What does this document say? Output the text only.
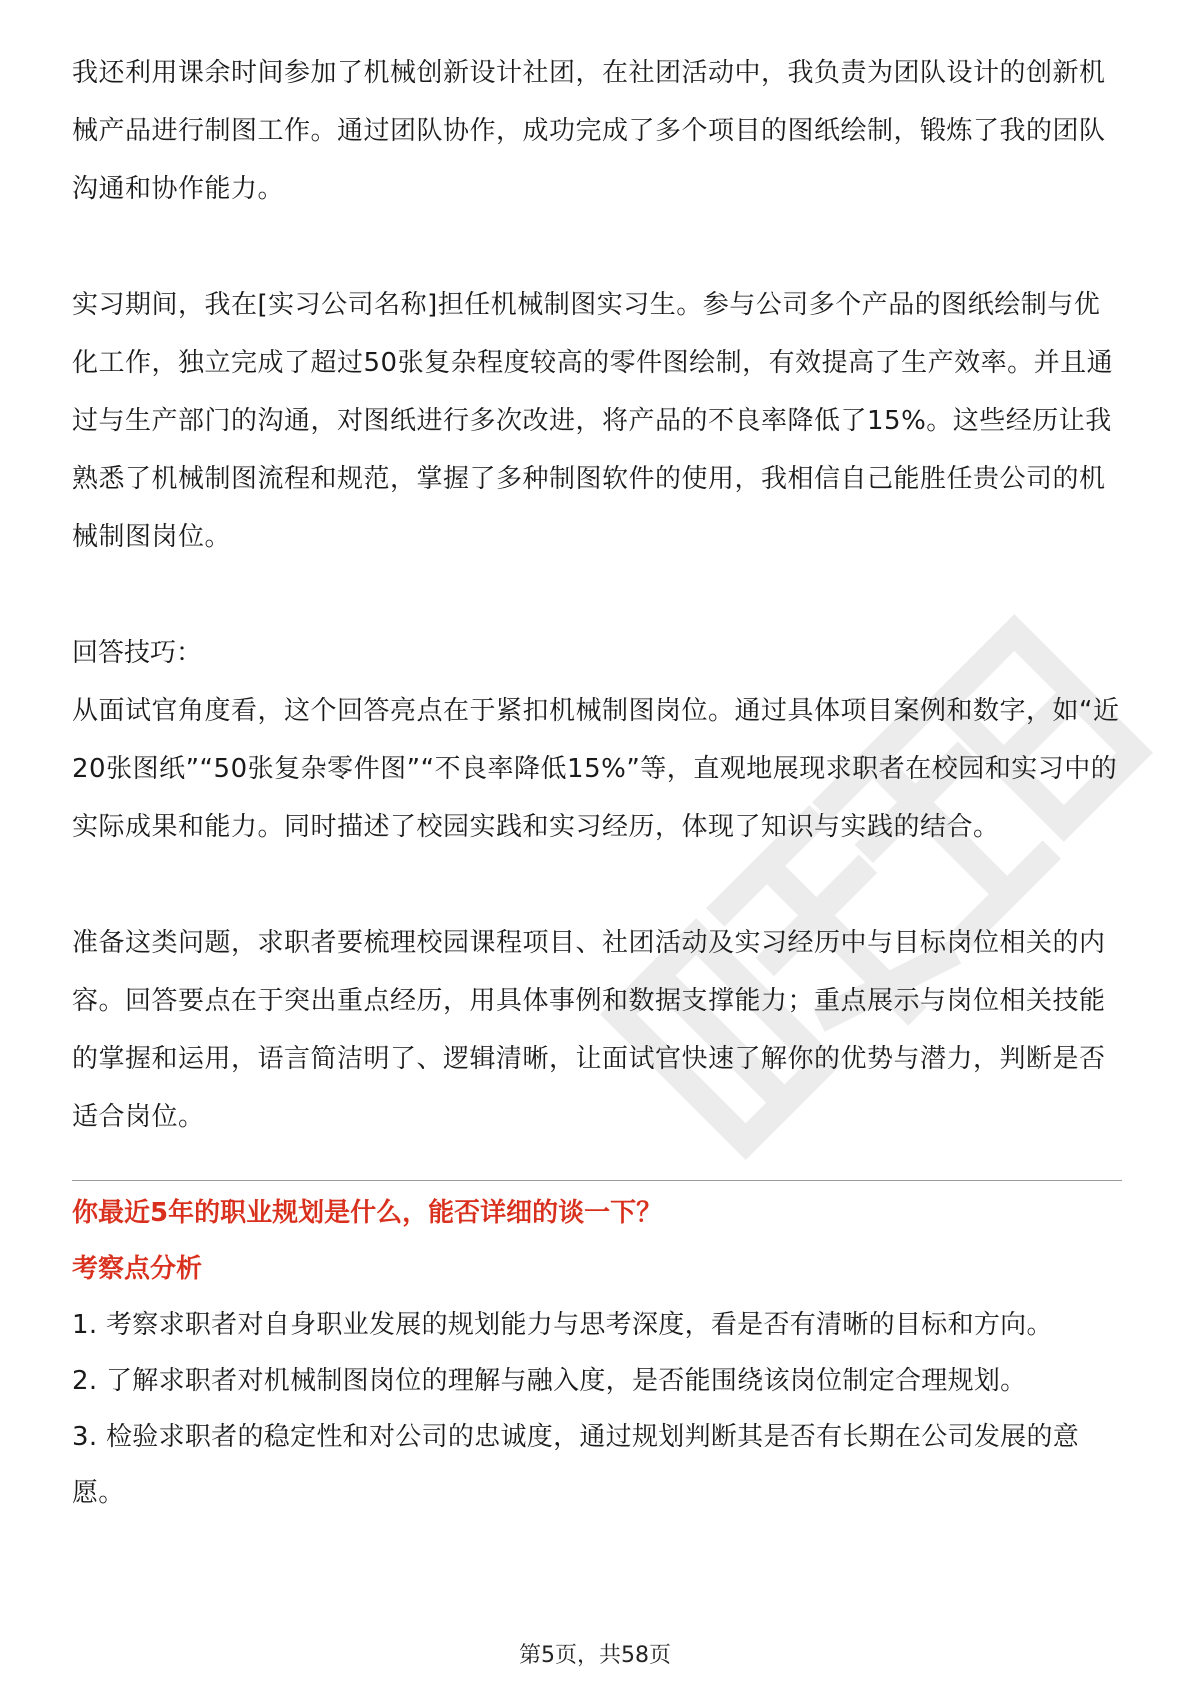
我还利用课余时间参加了机械创新设计社团，在社团活动中，我负责为团队设计的创新机械产品进行制图工作。通过团队协作，成功完成了多个项目的图纸绘制，锻炼了我的团队沟通和协作能力。

实习期间，我在[实习公司名称]担任机械制图实习生。参与公司多个产品的图纸绘制与优化工作，独立完成了超过50张复杂程度较高的零件图绘制，有效提高了生产效率。并且通过与生产部门的沟通，对图纸进行多次改进，将产品的不良率降低了15%。这些经历让我熟悉了机械制图流程和规范，掌握了多种制图软件的使用，我相信自己能胜任贵公司的机械制图岗位。

回答技巧：

从面试官角度看，这个回答亮点在于紧扣机械制图岗位。通过具体项目案例和数字，如“近20张图纸”“50张复杂零件图”“不良率降低15%”等，直观地展现求职者在校园和实习中的实际成果和能力。同时描述了校园实践和实习经历，体现了知识与实践的结合。

准备这类问题，求职者要梳理校园课程项目、社团活动及实习经历中与目标岗位相关的内容。回答要点在于突出重点经历，用具体事例和数据支撑能力；重点展示与岗位相关技能的掌握和运用，语言简洁明了、逻辑清晰，让面试官快速了解你的优势与潜力，判断是否适合岗位。

你最近5年的职业规划是什么，能否详细的谈一下？

考察点分析

1. 考察求职者对自身职业发展的规划能力与思考深度，看是否有清晰的目标和方向。

2. 了解求职者对机械制图岗位的理解与融入度，是否能围绕该岗位制定合理规划。

3. 检验求职者的稳定性和对公司的忠诚度，通过规划判断其是否有长期在公司发展的意愿。

第5页，共58页
